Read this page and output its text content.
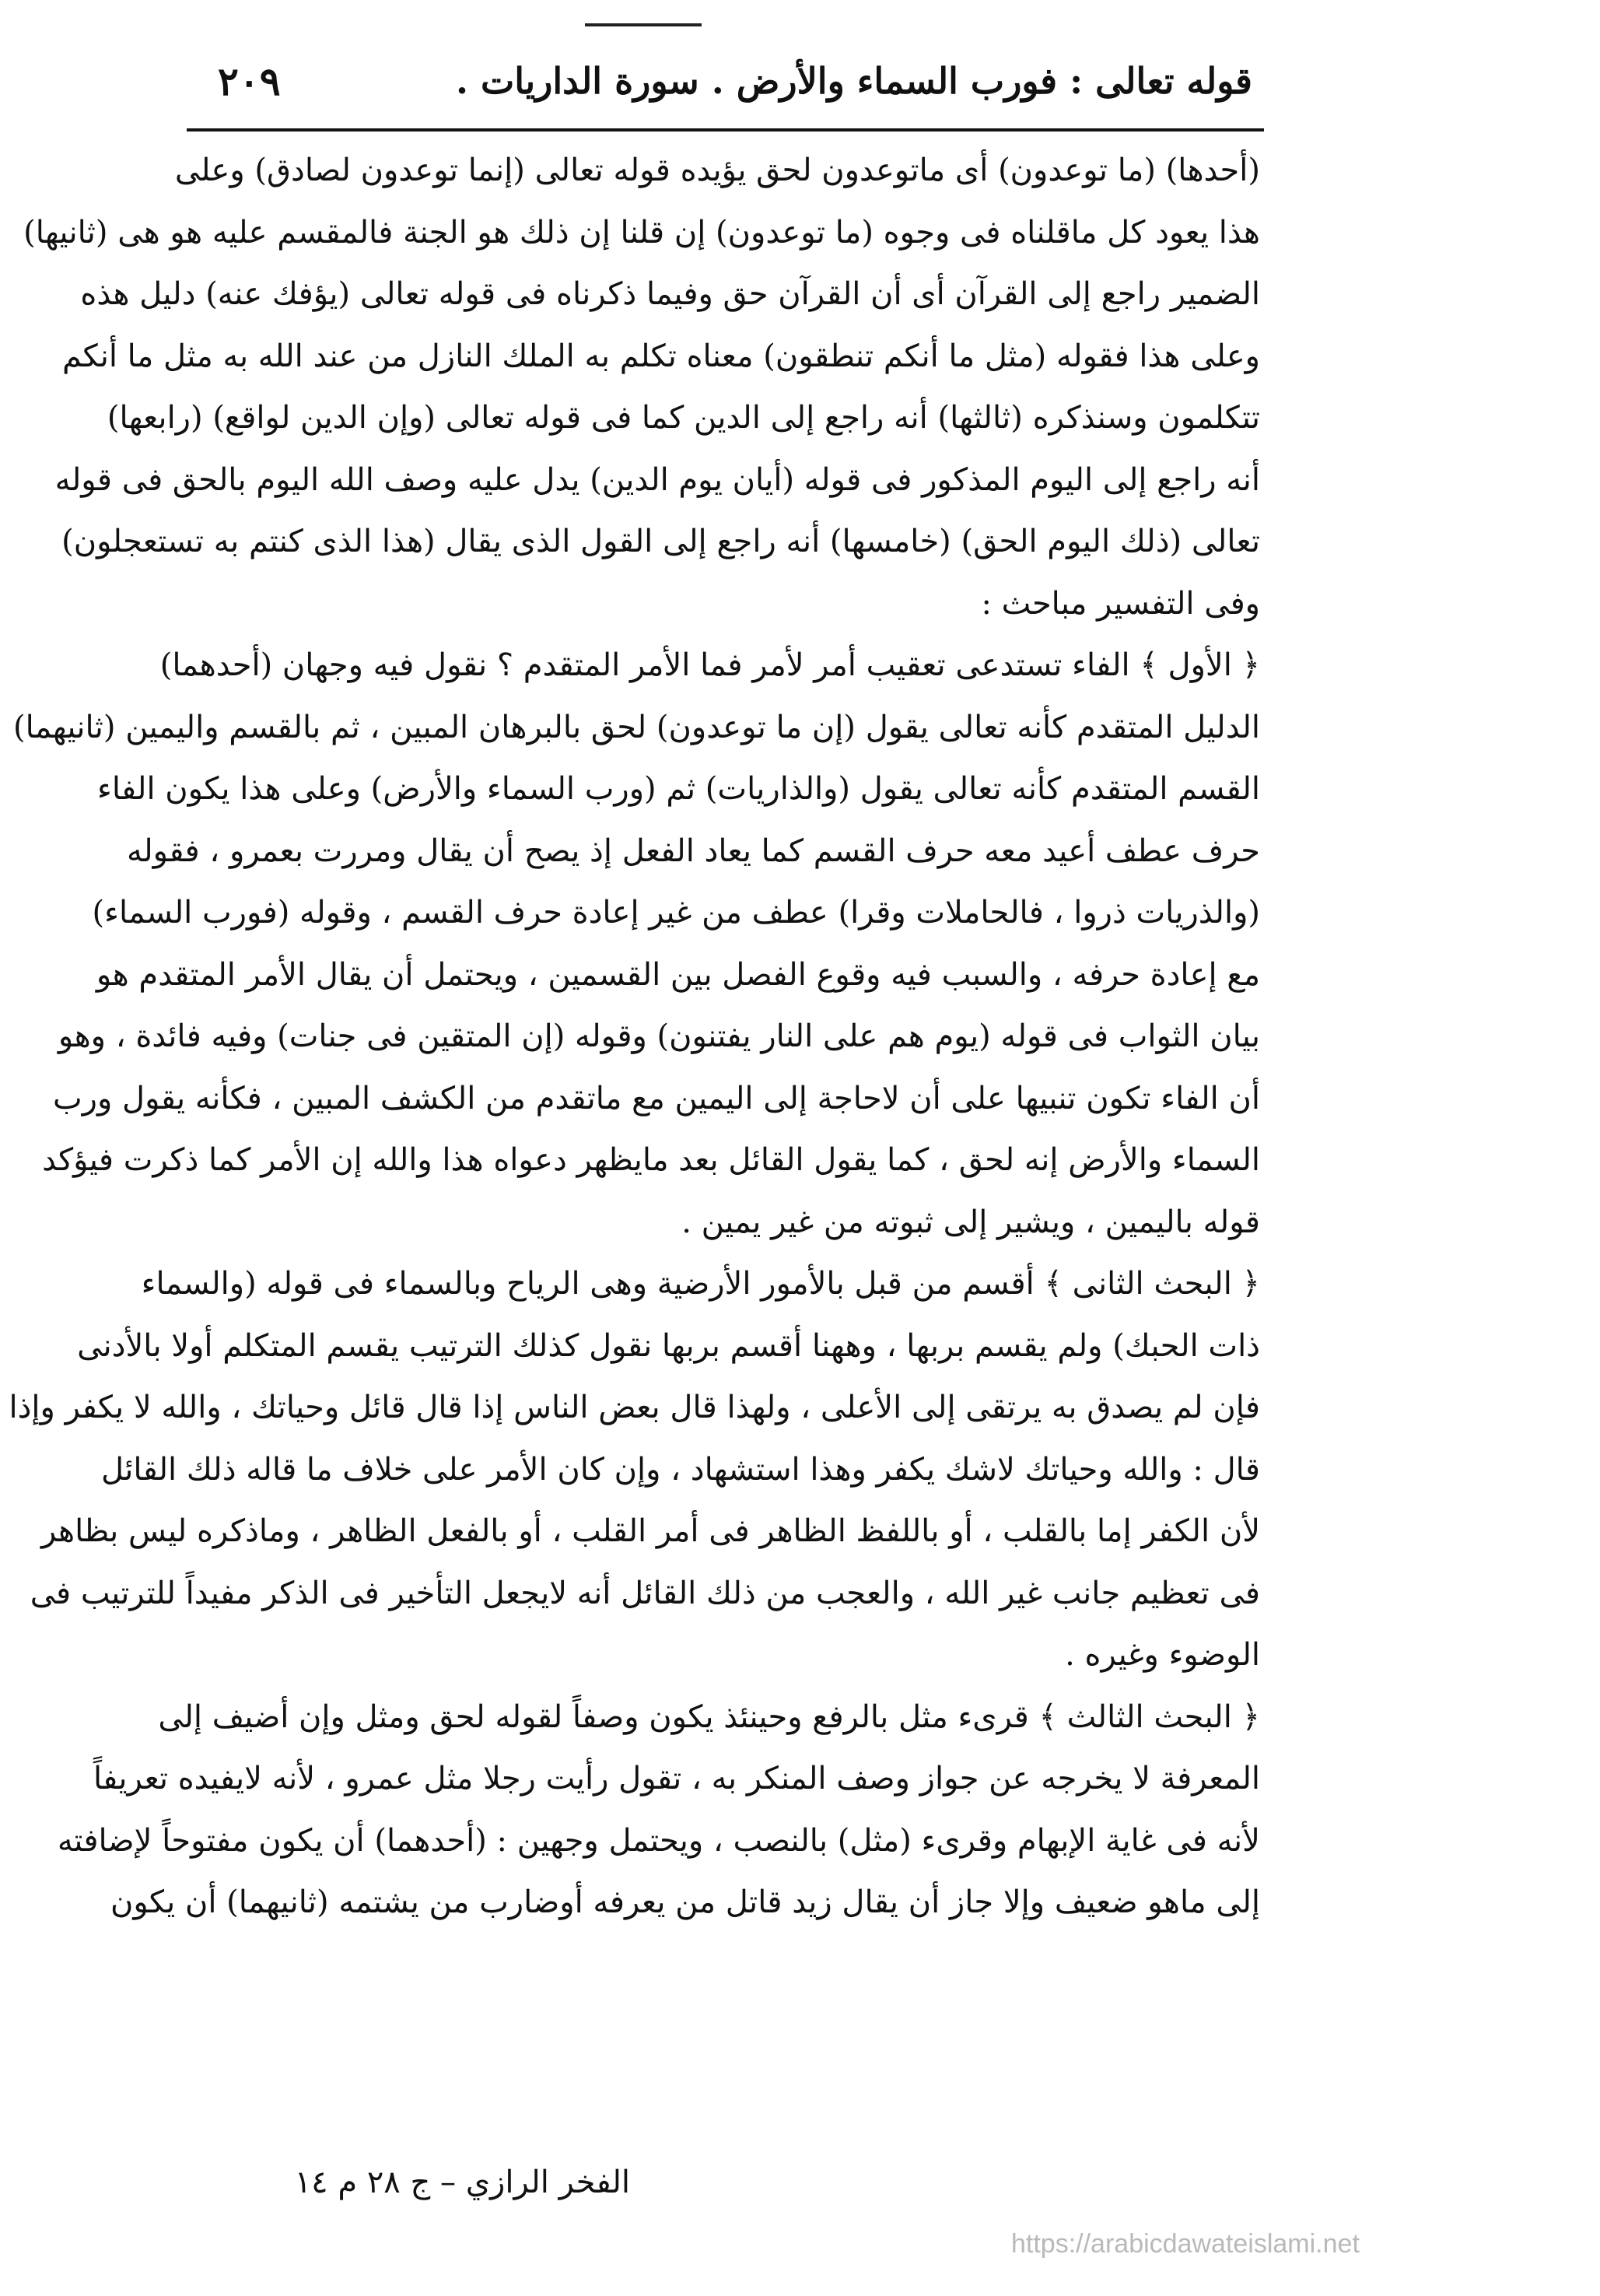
قوله تعالى : فورب السماء والأرض . سورة الداريات .
٢٠٩
(أحدها) (ما توعدون) أى ماتوعدون لحق يؤيده قوله تعالى (إنما توعدون لصادق) وعلى
هذا يعود كل ماقلناه فى وجوه (ما توعدون) إن قلنا إن ذلك هو الجنة فالمقسم عليه هو هى (ثانيها)
الضمير راجع إلى القرآن أى أن القرآن حق وفيما ذكرناه فى قوله تعالى (يؤفك عنه) دليل هذه
وعلى هذا فقوله (مثل ما أنكم تنطقون) معناه تكلم به الملك النازل من عند الله به مثل ما أنكم
تتكلمون وسنذكره (ثالثها) أنه راجع إلى الدين كما فى قوله تعالى (وإن الدين لواقع) (رابعها)
أنه راجع إلى اليوم المذكور فى قوله (أيان يوم الدين) يدل عليه وصف الله اليوم بالحق فى قوله
تعالى (ذلك اليوم الحق) (خامسها) أنه راجع إلى القول الذى يقال (هذا الذى كنتم به تستعجلون)
وفى التفسير مباحث :
﴿ الأول ﴾ الفاء تستدعى تعقيب أمر لأمر فما الأمر المتقدم ؟ نقول فيه وجهان (أحدهما)
الدليل المتقدم كأنه تعالى يقول (إن ما توعدون) لحق بالبرهان المبين ، ثم بالقسم واليمين (ثانيهما)
القسم المتقدم كأنه تعالى يقول (والذاريات) ثم (ورب السماء والأرض) وعلى هذا يكون الفاء
حرف عطف أعيد معه حرف القسم كما يعاد الفعل إذ يصح أن يقال ومررت بعمرو ، فقوله
(والذريات ذروا ، فالحاملات وقرا) عطف من غير إعادة حرف القسم ، وقوله (فورب السماء)
مع إعادة حرفه ، والسبب فيه وقوع الفصل بين القسمين ، ويحتمل أن يقال الأمر المتقدم هو
بيان الثواب فى قوله (يوم هم على النار يفتنون) وقوله (إن المتقين فى جنات) وفيه فائدة ، وهو
أن الفاء تكون تنبيها على أن لاحاجة إلى اليمين مع ماتقدم من الكشف المبين ، فكأنه يقول ورب
السماء والأرض إنه لحق ، كما يقول القائل بعد مايظهر دعواه هذا والله إن الأمر كما ذكرت فيؤكد
قوله باليمين ، ويشير إلى ثبوته من غير يمين .
﴿ البحث الثانى ﴾ أقسم من قبل بالأمور الأرضية وهى الرياح وبالسماء فى قوله (والسماء
ذات الحبك) ولم يقسم بربها ، وههنا أقسم بربها نقول كذلك الترتيب يقسم المتكلم أولا بالأدنى
فإن لم يصدق به يرتقى إلى الأعلى ، ولهذا قال بعض الناس إذا قال قائل وحياتك ، والله لا يكفر وإذا
قال : والله وحياتك لاشك يكفر وهذا استشهاد ، وإن كان الأمر على خلاف ما قاله ذلك القائل
لأن الكفر إما بالقلب ، أو باللفظ الظاهر فى أمر القلب ، أو بالفعل الظاهر ، وماذكره ليس بظاهر
فى تعظيم جانب غير الله ، والعجب من ذلك القائل أنه لايجعل التأخير فى الذكر مفيداً للترتيب فى
الوضوء وغيره .
﴿ البحث الثالث ﴾ قرىء مثل بالرفع وحينئذ يكون وصفاً لقوله لحق ومثل وإن أضيف إلى
المعرفة لا يخرجه عن جواز وصف المنكر به ، تقول رأيت رجلا مثل عمرو ، لأنه لايفيده تعريفاً
لأنه فى غاية الإبهام وقرىء (مثل) بالنصب ، ويحتمل وجهين : (أحدهما) أن يكون مفتوحاً لإضافته
إلى ماهو ضعيف وإلا جاز أن يقال زيد قاتل من يعرفه أوضارب من يشتمه (ثانيهما) أن يكون
الفخر الرازي – ج ٢٨ م ١٤
https://arabicdawateislami.net
